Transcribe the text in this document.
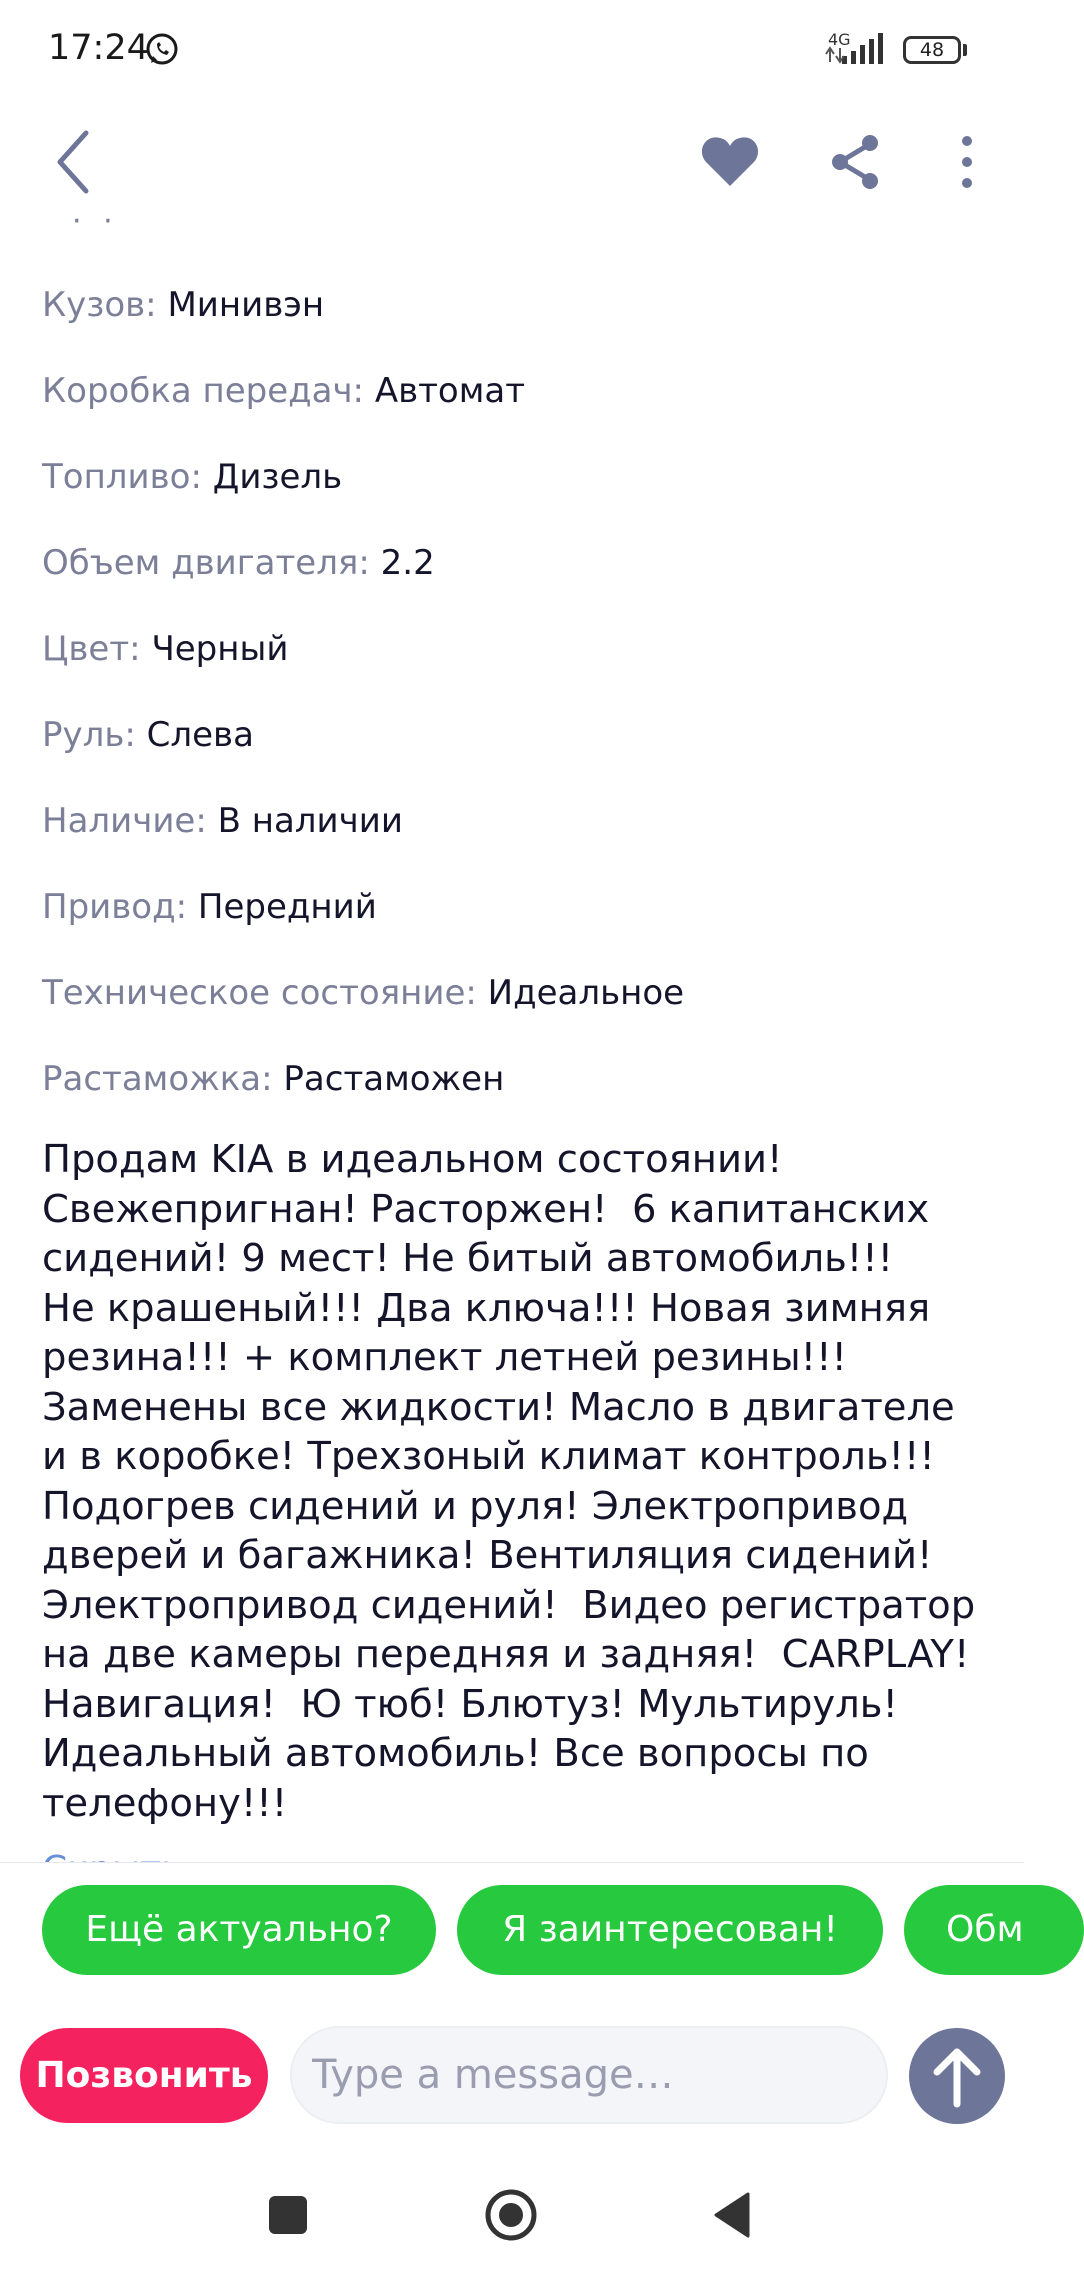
17:24	4G	48
· ·
Кузов: Минивэн
Коробка передач: Автомат
Топливо: Дизель
Объем двигателя: 2.2
Цвет: Черный
Руль: Слева
Наличие: В наличии
Привод: Передний
Техническое состояние: Идеальное
Растаможка: Растаможен
Продам KIA в идеальном состоянии!
Свежепригнан! Расторжен!  6 капитанских
сидений! 9 мест! Не битый автомобиль!!!
Не крашеный!!! Два ключа!!! Новая зимняя
резина!!! + комплект летней резины!!!
Заменены все жидкости! Масло в двигателе
и в коробке! Трехзоный климат контроль!!!
Подогрев сидений и руля! Электропривод
дверей и багажника! Вентиляция сидений!
Электропривод сидений!  Видео регистратор
на две камеры передняя и задняя!  CARPLAY!
Навигация!  Ю тюб! Блютуз! Мультируль!
Идеальный автомобиль! Все вопросы по
телефону!!!
Ещё актуально?	Я заинтересован!	Обм
Позвонить
Type a message…
